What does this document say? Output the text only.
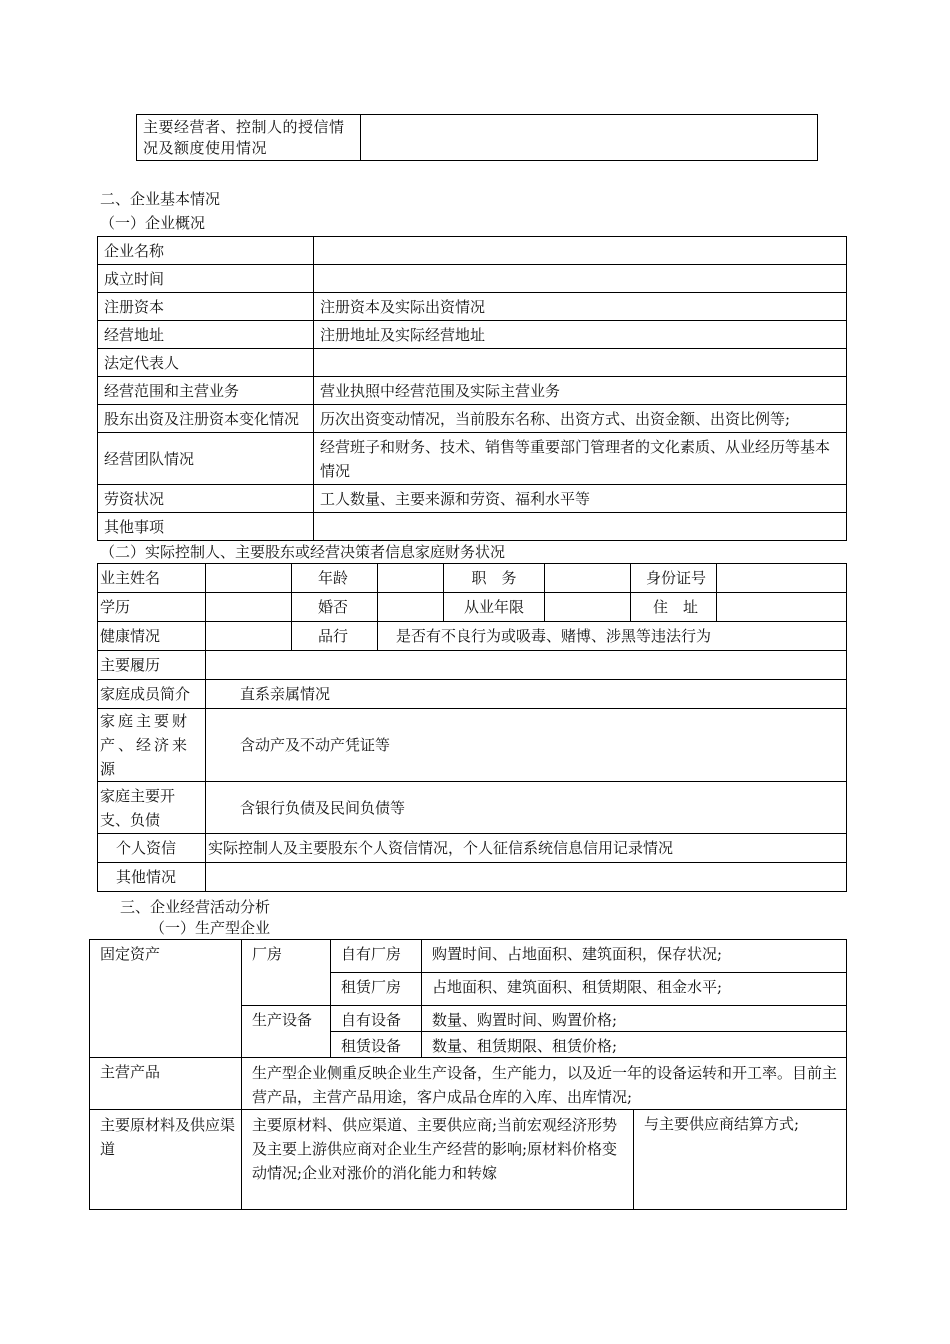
主要经营者、控制人的授信情况及额度使用情况	
二、企业基本情况
（一）企业概况
企业名称	
成立时间	
注册资本	注册资本及实际出资情况
经营地址	注册地址及实际经营地址
法定代表人	
经营范围和主营业务	营业执照中经营范围及实际主营业务
股东出资及注册资本变化情况	历次出资变动情况，当前股东名称、出资方式、出资金额、出资比例等;
经营团队情况	经营班子和财务、技术、销售等重要部门管理者的文化素质、从业经历等基本情况
劳资状况	工人数量、主要来源和劳资、福利水平等
其他事项	
（二）实际控制人、主要股东或经营决策者信息家庭财务状况
业主姓名		年龄		职　务		身份证号	
学历		婚否		从业年限		住　址	
健康情况		品行	是否有不良行为或吸毒、赌博、涉黑等违法行为				
主要履历							
家庭成员简介	直系亲属情况						
家庭主要财产、经济来源	含动产及不动产凭证等						
家庭主要开支、负债	含银行负债及民间负债等						
个人资信	实际控制人及主要股东个人资信情况，个人征信系统信息信用记录情况						
其他情况							
三、企业经营活动分析
（一）生产型企业
固定资产	厂房	自有厂房	购置时间、占地面积、建筑面积，保存状况;	
		租赁厂房	占地面积、建筑面积、租赁期限、租金水平;	
	生产设备	自有设备	数量、购置时间、购置价格;	
		租赁设备	数量、租赁期限、租赁价格;	
主营产品	生产型企业侧重反映企业生产设备，生产能力，以及近一年的设备运转和开工率。目前主营产品，主营产品用途，客户成品仓库的入库、出库情况;			
主要原材料及供应渠道	主要原材料、供应渠道、主要供应商;当前宏观经济形势及主要上游供应商对企业生产经营的影响;原材料价格变动情况;企业对涨价的消化能力和转嫁			与主要供应商结算方式;
